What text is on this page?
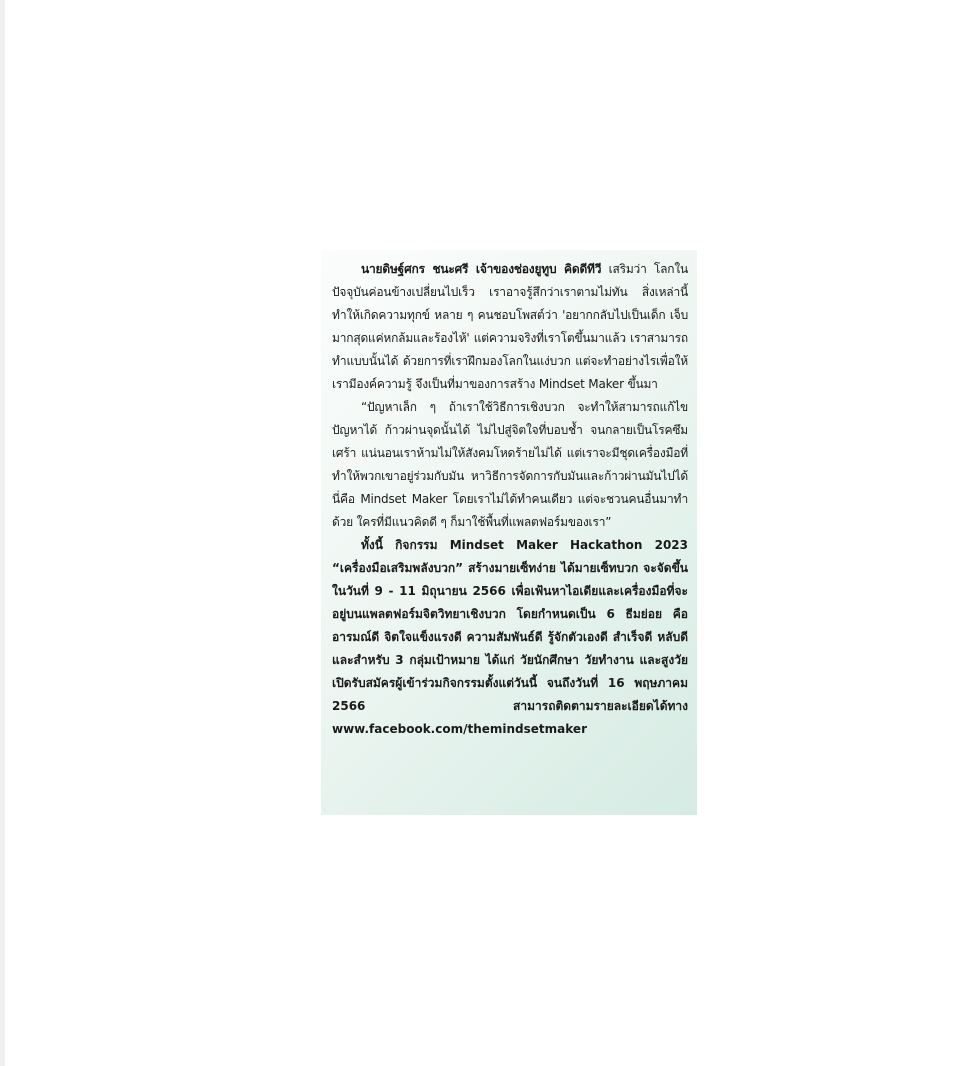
นายดิษฐ์ศกร ชนะศรี เจ้าของช่องยูทูบ คิดดีทีวี เสริมว่า โลกในปัจจุบันค่อนข้างเปลี่ยนไปเร็ว เราอาจรู้สึกว่าเราตามไม่ทัน สิ่งเหล่านี้ทำให้เกิดความทุกข์ หลาย ๆ คนชอบโพสต์ว่า 'อยากกลับไปเป็นเด็ก เจ็บมากสุดแค่หกล้มและร้องไห้' แต่ความจริงที่เราโตขึ้นมาแล้ว เราสามารถทำแบบนั้นได้ ด้วยการที่เราฝึกมองโลกในแง่บวก แต่จะทำอย่างไรเพื่อให้เรามีองค์ความรู้ จึงเป็นที่มาของการสร้าง Mindset Maker ขึ้นมา

“ปัญหาเล็ก ๆ ถ้าเราใช้วิธีการเชิงบวก จะทำให้สามารถแก้ไขปัญหาได้ ก้าวผ่านจุดนั้นได้ ไม่ไปสู่จิตใจที่บอบช้ำ จนกลายเป็นโรคซึมเศร้า แน่นอนเราห้ามไม่ให้สังคมโหดร้ายไม่ได้ แต่เราจะมีชุดเครื่องมือที่ทำให้พวกเขาอยู่ร่วมกับมัน หาวิธีการจัดการกับมันและก้าวผ่านมันไปได้นี่คือ Mindset Maker โดยเราไม่ได้ทำคนเดียว แต่จะชวนคนอื่นมาทำด้วย ใครที่มีแนวคิดดี ๆ ก็มาใช้พื้นที่แพลตฟอร์มของเรา”

ทั้งนี้ กิจกรรม Mindset Maker Hackathon 2023 “เครื่องมือเสริมพลังบวก” สร้างมายเซ็ทง่าย ได้มายเซ็ทบวก จะจัดขึ้นในวันที่ 9 - 11 มิถุนายน 2566 เพื่อเฟ้นหาไอเดียและเครื่องมือที่จะอยู่บนแพลตฟอร์มจิตวิทยาเชิงบวก โดยกำหนดเป็น 6 ธีมย่อย คือ อารมณ์ดี จิตใจแข็งแรงดี ความสัมพันธ์ดี รู้จักตัวเองดี สำเร็จดี หลับดี และสำหรับ 3 กลุ่มเป้าหมาย ได้แก่ วัยนักศึกษา วัยทำงาน และสูงวัย เปิดรับสมัครผู้เข้าร่วมกิจกรรมตั้งแต่วันนี้ จนถึงวันที่ 16 พฤษภาคม 2566 สามารถติดตามรายละเอียดได้ทาง www.facebook.com/themindsetmaker
